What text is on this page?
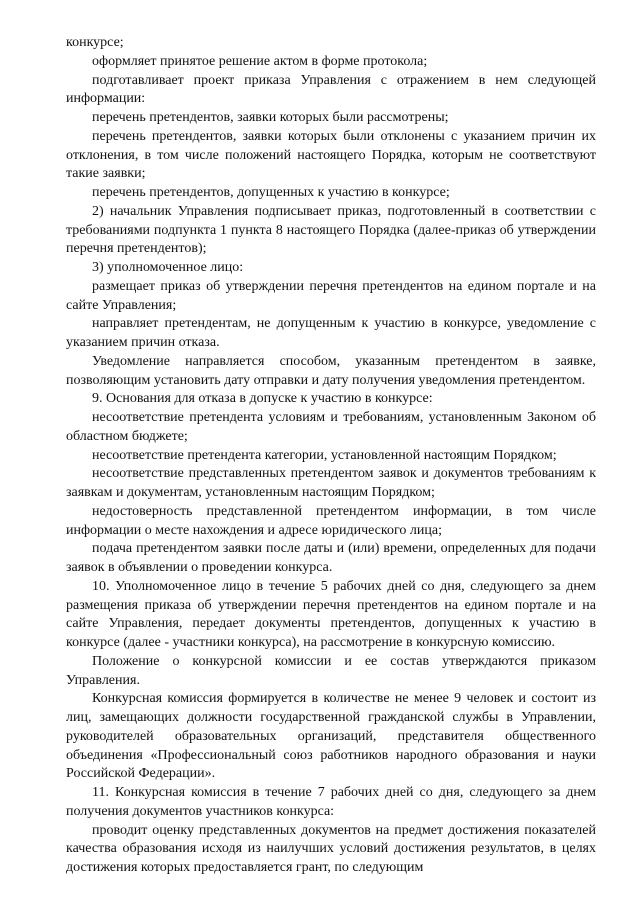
конкурсе;

оформляет принятое решение актом в форме протокола;

подготавливает проект приказа Управления с отражением в нем следующей информации:

перечень претендентов, заявки которых были рассмотрены;

перечень претендентов, заявки которых были отклонены с указанием причин их отклонения, в том числе положений настоящего Порядка, которым не соответствуют такие заявки;

перечень претендентов, допущенных к участию в конкурсе;

2) начальник Управления подписывает приказ, подготовленный в соответствии с требованиями подпункта 1 пункта 8 настоящего Порядка (далее-приказ об утверждении перечня претендентов);

3) уполномоченное лицо:

размещает приказ об утверждении перечня претендентов на едином портале и на сайте Управления;

направляет претендентам, не допущенным к участию в конкурсе, уведомление с указанием причин отказа.

Уведомление направляется способом, указанным претендентом в заявке, позволяющим установить дату отправки и дату получения уведомления претендентом.

9. Основания для отказа в допуске к участию в конкурсе:

несоответствие претендента условиям и требованиям, установленным Законом об областном бюджете;

несоответствие претендента категории, установленной настоящим Порядком;

несоответствие представленных претендентом заявок и документов требованиям к заявкам и документам, установленным настоящим Порядком;

недостоверность представленной претендентом информации, в том числе информации о месте нахождения и адресе юридического лица;

подача претендентом заявки после даты и (или) времени, определенных для подачи заявок в объявлении о проведении конкурса.

10. Уполномоченное лицо в течение 5 рабочих дней со дня, следующего за днем размещения приказа об утверждении перечня претендентов на едином портале и на сайте Управления, передает документы претендентов, допущенных к участию в конкурсе (далее - участники конкурса), на рассмотрение в конкурсную комиссию.

Положение о конкурсной комиссии и ее состав утверждаются приказом Управления.

Конкурсная комиссия формируется в количестве не менее 9 человек и состоит из лиц, замещающих должности государственной гражданской службы в Управлении, руководителей образовательных организаций, представителя общественного объединения «Профессиональный союз работников народного образования и науки Российской Федерации».

11. Конкурсная комиссия в течение 7 рабочих дней со дня, следующего за днем получения документов участников конкурса:

проводит оценку представленных документов на предмет достижения показателей качества образования исходя из наилучших условий достижения результатов, в целях достижения которых предоставляется грант, по следующим
